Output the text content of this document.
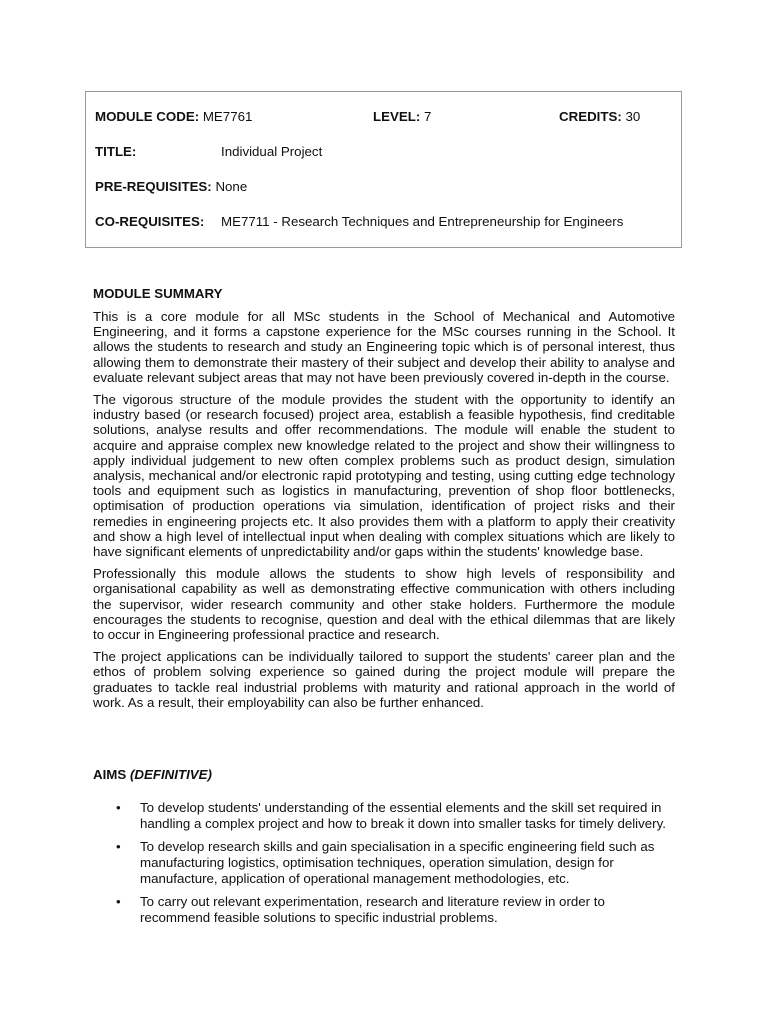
MODULE CODE: ME7761	LEVEL: 7	CREDITS: 30
TITLE:	Individual Project
PRE-REQUISITES: None
CO-REQUISITES: ME7711 - Research Techniques and Entrepreneurship for Engineers
MODULE SUMMARY

This is a core module for all MSc students in the School of Mechanical and Automotive Engineering, and it forms a capstone experience for the MSc courses running in the School. It allows the students to research and study an Engineering topic which is of personal interest, thus allowing them to demonstrate their mastery of their subject and develop their ability to analyse and evaluate relevant subject areas that may not have been previously covered in-depth in the course.

The vigorous structure of the module provides the student with the opportunity to identify an industry based (or research focused) project area, establish a feasible hypothesis, find creditable solutions, analyse results and offer recommendations. The module will enable the student to acquire and appraise complex new knowledge related to the project and show their willingness to apply individual judgement to new often complex problems such as product design, simulation analysis, mechanical and/or electronic rapid prototyping and testing, using cutting edge technology tools and equipment such as logistics in manufacturing, prevention of shop floor bottlenecks, optimisation of production operations via simulation, identification of project risks and their remedies in engineering projects etc. It also provides them with a platform to apply their creativity and show a high level of intellectual input when dealing with complex situations which are likely to have significant elements of unpredictability and/or gaps within the students' knowledge base.

Professionally this module allows the students to show high levels of responsibility and organisational capability as well as demonstrating effective communication with others including the supervisor, wider research community and other stake holders. Furthermore the module encourages the students to recognise, question and deal with the ethical dilemmas that are likely to occur in Engineering professional practice and research.

The project applications can be individually tailored to support the students' career plan and the ethos of problem solving experience so gained during the project module will prepare the graduates to tackle real industrial problems with maturity and rational approach in the world of work. As a result, their employability can also be further enhanced.

AIMS (DEFINITIVE)
• To develop students' understanding of the essential elements and the skill set required in handling a complex project and how to break it down into smaller tasks for timely delivery.
• To develop research skills and gain specialisation in a specific engineering field such as manufacturing logistics, optimisation techniques, operation simulation, design for manufacture, application of operational management methodologies, etc.
• To carry out relevant experimentation, research and literature review in order to recommend feasible solutions to specific industrial problems.
